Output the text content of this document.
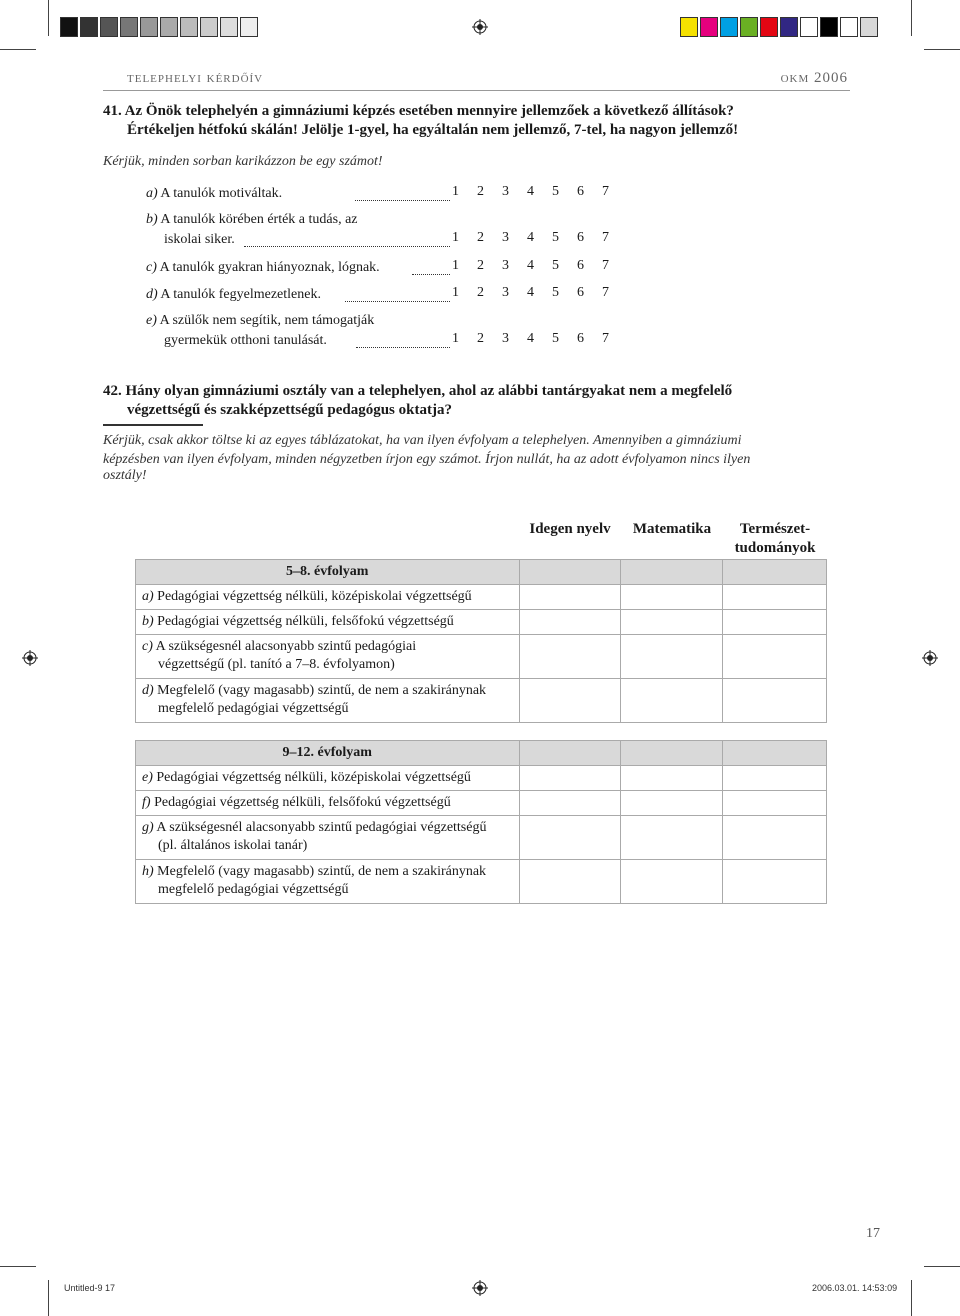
telephelyi kérdőív	okm 2006
41. Az Önök telephelyén a gimnáziumi képzés esetében mennyire jellemzőek a következő állítások?
Értékeljen hétfokú skálán! Jelölje 1-gyel, ha egyáltalán nem jellemző, 7-tel, ha nagyon jellemző!
Kérjük, minden sorban karikázzon be egy számot!
a) A tanulók motiváltak.	1 2 3 4 5 6 7
b) A tanulók körében érték a tudás, az
iskolai siker.	1 2 3 4 5 6 7
c) A tanulók gyakran hiányoznak, lógnak.	1 2 3 4 5 6 7
d) A tanulók fegyelmezetlenek.	1 2 3 4 5 6 7
e) A szülők nem segítik, nem támogatják
gyermekük otthoni tanulását.	1 2 3 4 5 6 7
42. Hány olyan gimnáziumi osztály van a telephelyen, ahol az alábbi tantárgyakat nem a megfelelő
végzettségű és szakképzettségű pedagógus oktatja?
Kérjük, csak akkor töltse ki az egyes táblázatokat, ha van ilyen évfolyam a telephelyen. Amennyiben a gimnáziumi
képzésben van ilyen évfolyam, minden négyzetben írjon egy számot. Írjon nullát, ha az adott évfolyamon nincs ilyen
osztály!
Idegen nyelv	Matematika	Természet-
tudományok
5–8. évfolyam			
a) Pedagógiai végzettség nélküli, középiskolai végzettségű			
b) Pedagógiai végzettség nélküli, felsőfokú végzettségű			
c) A szükségesnél alacsonyabb szintű pedagógiai
végzettségű (pl. tanító a 7–8. évfolyamon)			
d) Megfelelő (vagy magasabb) szintű, de nem a szakiránynak
megfelelő pedagógiai végzettségű			
9–12. évfolyam			
e) Pedagógiai végzettség nélküli, középiskolai végzettségű			
f) Pedagógiai végzettség nélküli, felsőfokú végzettségű			
g) A szükségesnél alacsonyabb szintű pedagógiai végzettségű
(pl. általános iskolai tanár)			
h) Megfelelő (vagy magasabb) szintű, de nem a szakiránynak
megfelelő pedagógiai végzettségű			
17
Untitled-9 17	2006.03.01. 14:53:09
